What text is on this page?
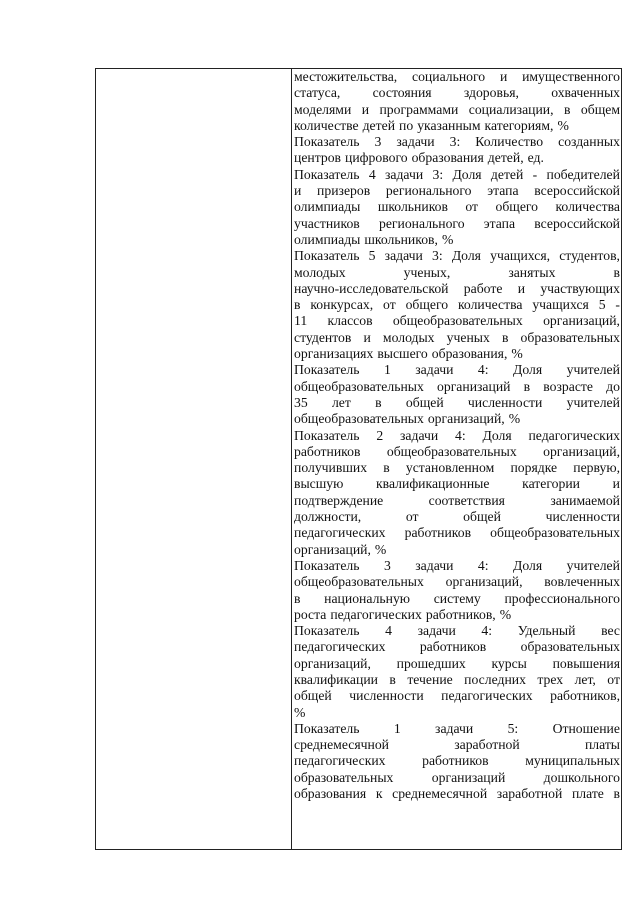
местожительства, социального и имущественного
статуса, состояния здоровья, охваченных
моделями и программами социализации, в общем
количестве детей по указанным категориям, %
Показатель 3 задачи 3: Количество созданных
центров цифрового образования детей, ед.
Показатель 4 задачи 3: Доля детей - победителей
и призеров регионального этапа всероссийской
олимпиады школьников от общего количества
участников регионального этапа всероссийской
олимпиады школьников, %
Показатель 5 задачи 3: Доля учащихся, студентов,
молодых	ученых,	занятых	в
научно-исследовательской работе и участвующих
в конкурсах, от общего количества учащихся 5 -
11 классов общеобразовательных организаций,
студентов и молодых ученых в образовательных
организациях высшего образования, %
Показатель 1 задачи 4: Доля учителей
общеобразовательных организаций в возрасте до
35 лет в общей численности учителей
общеобразовательных организаций, %
Показатель 2 задачи 4: Доля педагогических
работников общеобразовательных организаций,
получивших в установленном порядке первую,
высшую квалификационные категории и
подтверждение	соответствия	занимаемой
должности,	от	общей	численности
педагогических работников общеобразовательных
организаций, %
Показатель 3 задачи 4: Доля учителей
общеобразовательных организаций, вовлеченных
в национальную систему профессионального
роста педагогических работников, %
Показатель 4 задачи 4: Удельный вес
педагогических	работников	образовательных
организаций, прошедших курсы повышения
квалификации в течение последних трех лет, от
общей численности педагогических работников,
%
Показатель	1	задачи	5:	Отношение
среднемесячной	заработной	платы
педагогических	работников	муниципальных
образовательных	организаций	дошкольного
образования к среднемесячной заработной плате в
